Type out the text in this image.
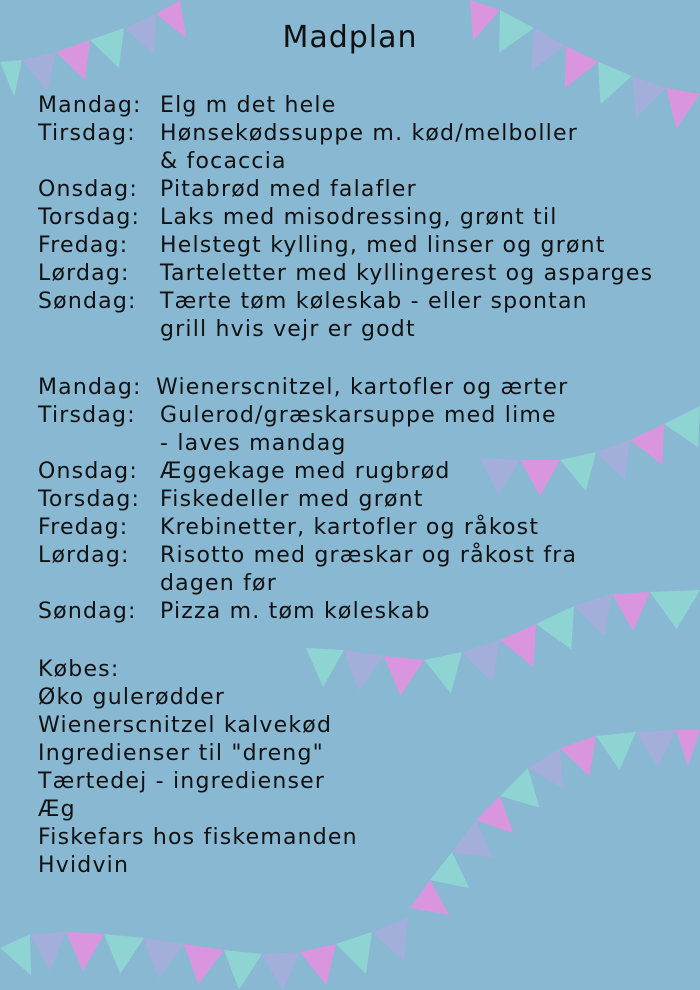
Madplan
Mandag: Elg m det hele
Tirsdag: Hønsekødssuppe m. kød/melboller
& focaccia
Onsdag: Pitabrød med falafler
Torsdag: Laks med misodressing, grønt til
Fredag: Helstegt kylling, med linser og grønt
Lørdag: Tarteletter med kyllingerest og asparges
Søndag: Tærte tøm køleskab - eller spontan
grill hvis vejr er godt
Mandag: Wienerscnitzel, kartofler og ærter
Tirsdag: Gulerod/græskarsuppe med lime
- laves mandag
Onsdag: Æggekage med rugbrød
Torsdag: Fiskedeller med grønt
Fredag: Krebinetter, kartofler og råkost
Lørdag: Risotto med græskar og råkost fra
dagen før
Søndag: Pizza m. tøm køleskab
Købes:
Øko gulerødder
Wienerscnitzel kalvekød
Ingredienser til "dreng"
Tærtedej - ingredienser
Æg
Fiskefars hos fiskemanden
Hvidvin
